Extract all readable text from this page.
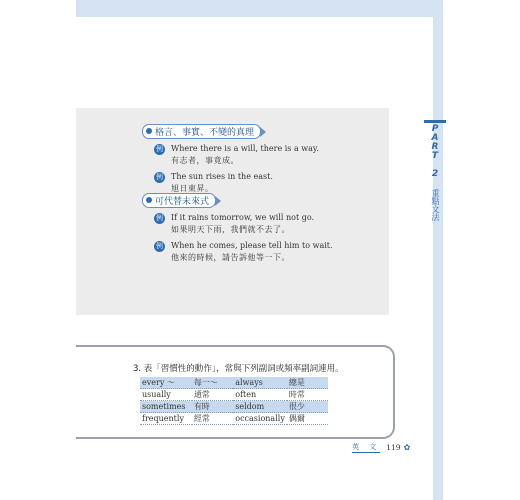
P
A
R
T

2
重點文法
格言、事實、不變的真理
例 Where there is a will, there is a way.
有志者，事竟成。
例 The sun rises in the east.
旭日東昇。
可代替未來式
例 If it rains tomorrow, we will not go.
如果明天下雨，我們就不去了。
例 When he comes, please tell him to wait.
他來的時候，請告訴他等一下。
3. 表「習慣性的動作」，常與下列副詞或頻率副詞連用。
every ～	每一～	always	總是
usually	通常	often	時常
sometimes	有時	seldom	很少
frequently	經常	occasionally	偶爾
英 文 119 ✿
